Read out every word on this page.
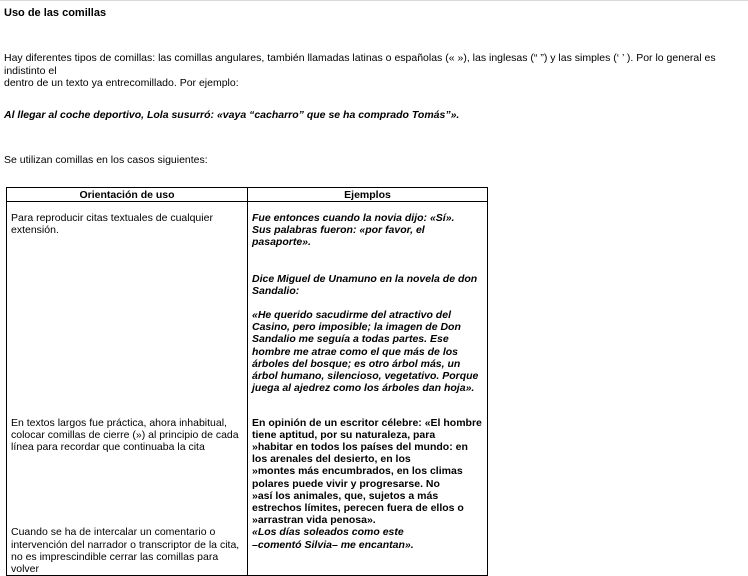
Uso de las comillas
Hay diferentes tipos de comillas: las comillas angulares, también llamadas latinas o españolas (« »), las inglesas (“ ”) y las simples (‘ ’ ). Por lo general es indistinto el
dentro de un texto ya entrecomillado. Por ejemplo:
Al llegar al coche deportivo, Lola susurró: «vaya “cacharro” que se ha comprado Tomás”».
Se utilizan comillas en los casos siguientes:
Orientación de uso	Ejemplos

Para reproducir citas textuales de cualquier extensión.	Fue entonces cuando la novia dijo: «Sí».

Sus palabras fueron: «por favor, el pasaporte».

Dice Miguel de Unamuno en la novela de don Sandalio:

«He querido sacudirme del atractivo del Casino, pero imposible; la imagen de Don Sandalio me seguía a todas partes. Ese hombre me atrae como el que más de los árboles del bosque; es otro árbol más, un árbol humano, silencioso, vegetativo. Porque juega al ajedrez como los árboles dan hoja».

En textos largos fue práctica, ahora inhabitual, colocar comillas de cierre (») al principio de cada línea para recordar que continuaba la cita	En opinión de un escritor célebre: «El hombre tiene aptitud, por su naturaleza, para

»habitar en todos los países del mundo: en los arenales del desierto, en los

»montes más encumbrados, en los climas polares puede vivir y progresarse. No

»así los animales, que, sujetos a más estrechos límites, perecen fuera de ellos o

»arrastran vida penosa».

Cuando se ha de intercalar un comentario o intervención del narrador o transcriptor de la cita, no es imprescindible cerrar las comillas para volver	«Los días soleados como este

–comentó Silvia– me encantan».
